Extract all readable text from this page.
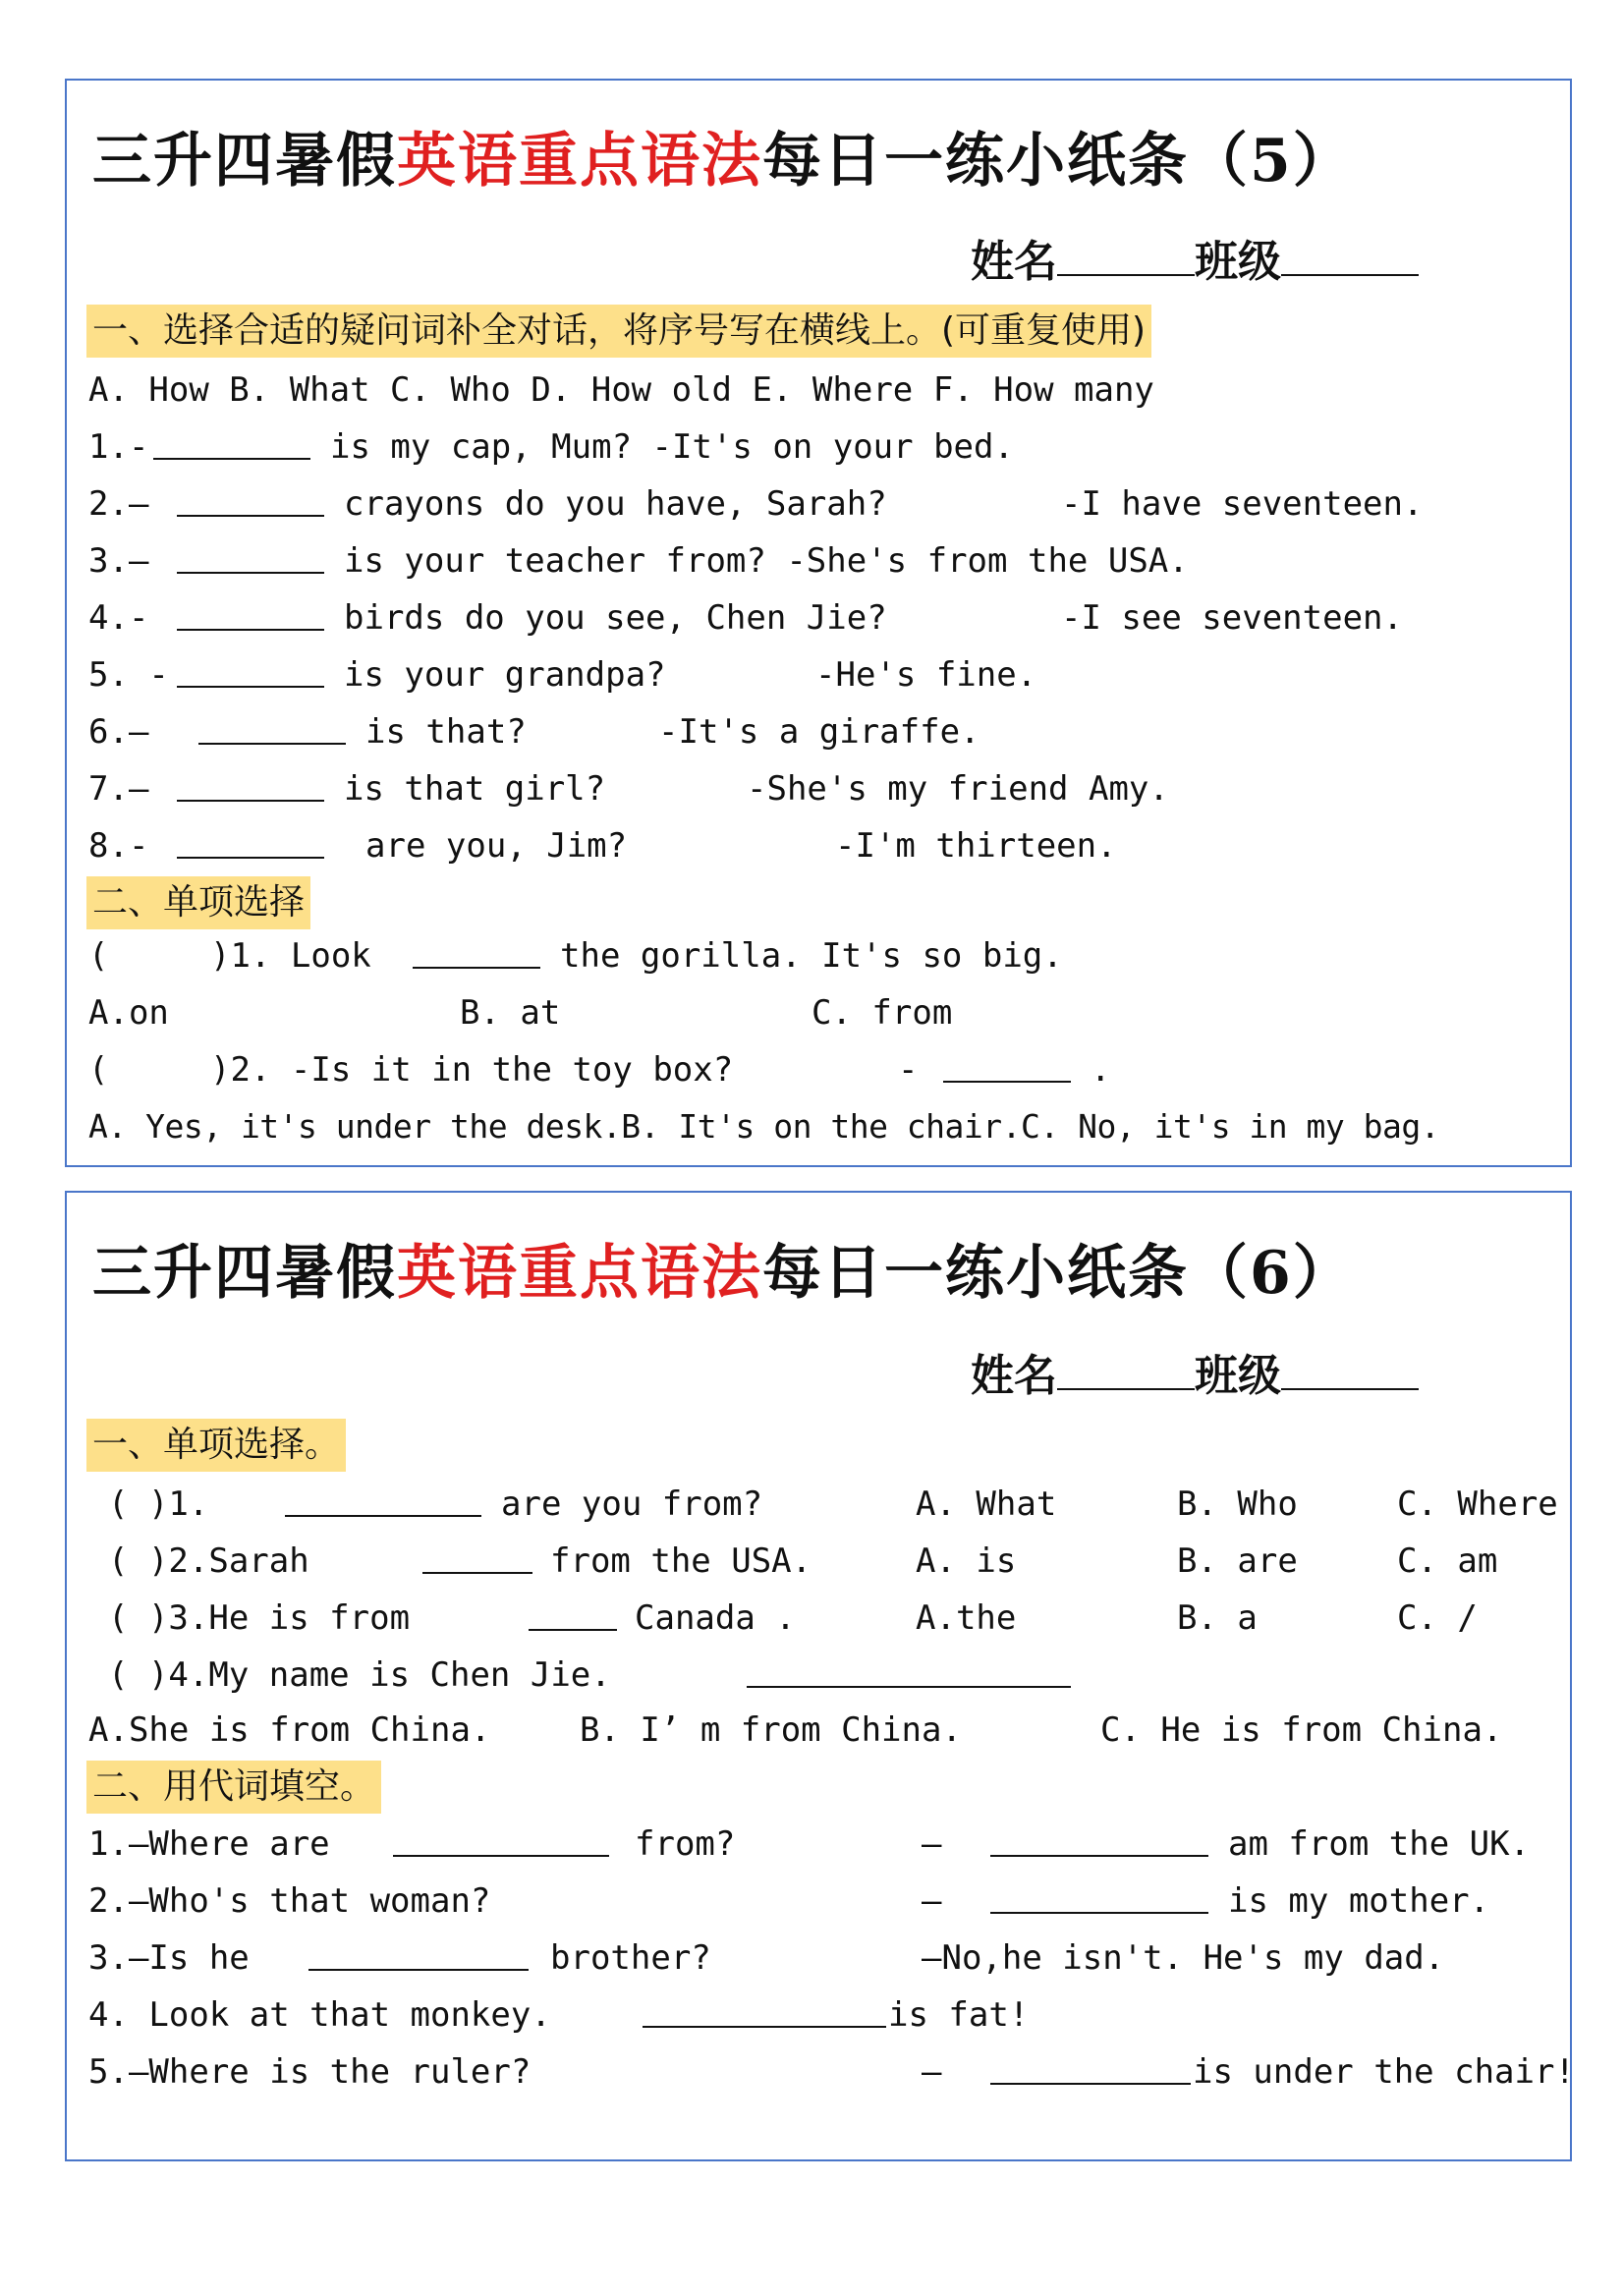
三升四暑假英语重点语法每日一练小纸条（5）
姓名	班级
一、选择合适的疑问词补全对话，将序号写在横线上。(可重复使用)
A. How B. What C. Who D. How old E. Where F. How many
1.-	is my cap, Mum? -It's on your bed.
2.—	crayons do you have, Sarah?	-I have seventeen.
3.—	is your teacher from? -She's from the USA.
4.-	birds do you see, Chen Jie?	-I see seventeen.
5. -	is your grandpa?	-He's fine.
6.—	is that?	-It's a giraffe.
7.—	is that girl?	-She's my friend Amy.
8.-	are you, Jim?	-I'm thirteen.
二、单项选择
(	)1. Look	the gorilla. It's so big.
A.on	B. at	C. from
(	)2. -Is it in the toy box?	-	.
A. Yes, it's under the desk.B. It's on the chair.C. No, it's in my bag.
三升四暑假英语重点语法每日一练小纸条（6）
姓名	班级
一、单项选择。
( )1.	are you from?	A. What	B. Who	C. Where
( )2.Sarah	from the USA.	A. is	B. are	C. am
( )3.He is from	Canada .	A.the	B. a	C. /
( )4.My name is Chen Jie.
A.She is from China.	B. I’ m from China.	C. He is from China.
二、用代词填空。
1.—Where are	from?	—	am from the UK.
2.—Who's that woman?	—	is my mother.
3.—Is he	brother?	—No,he isn't. He's my dad.
4. Look at that monkey.	is fat!
5.—Where is the ruler?	—	is under the chair!
